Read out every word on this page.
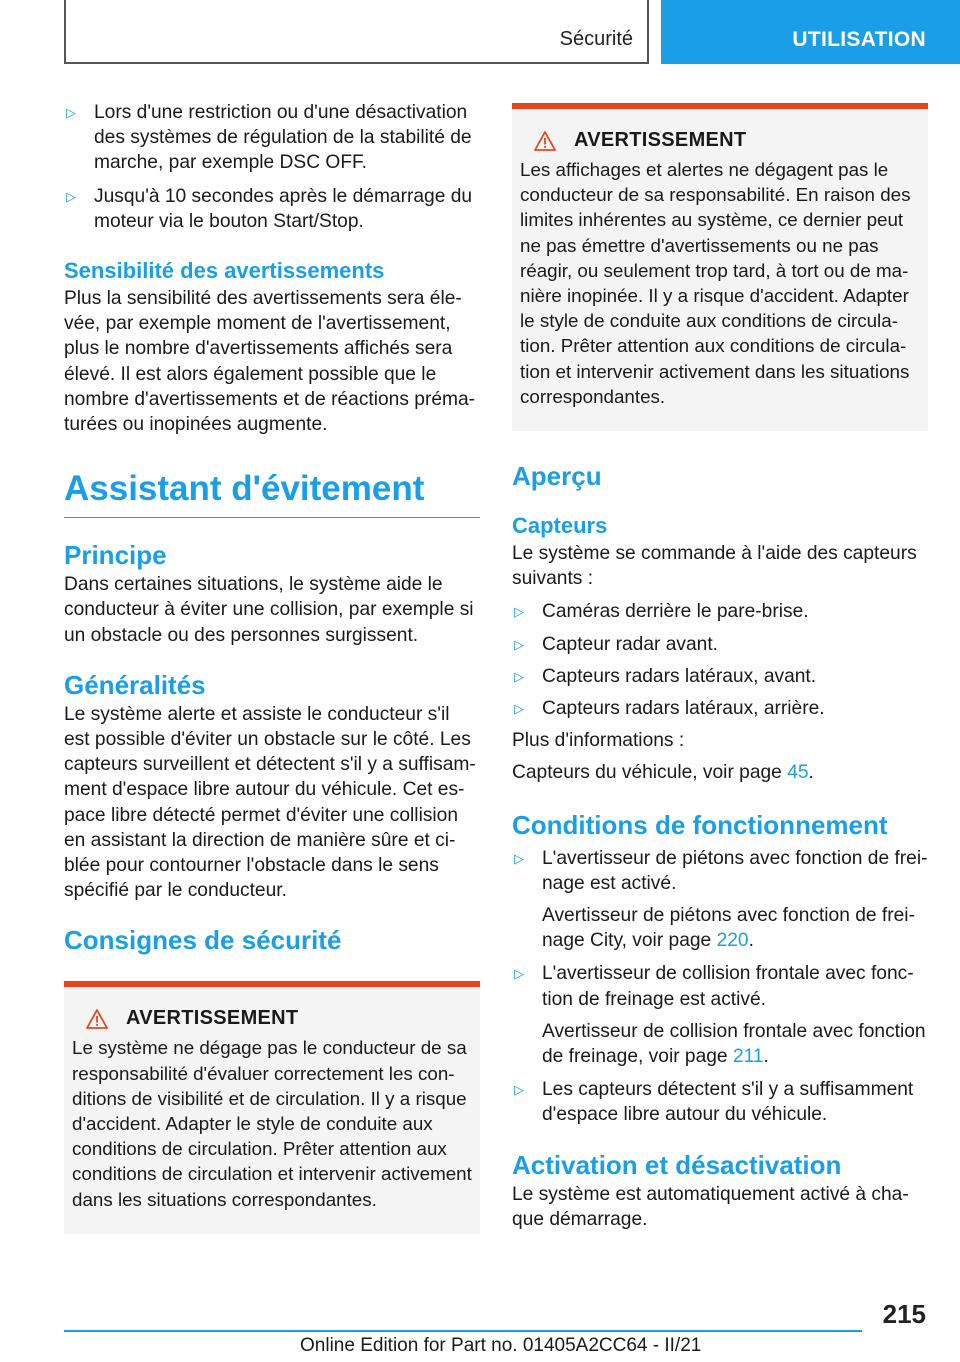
Sécurité	UTILISATION
▷ Lors d'une restriction ou d'une désactivation des systèmes de régulation de la stabilité de marche, par exemple DSC OFF.
▷ Jusqu'à 10 secondes après le démarrage du moteur via le bouton Start/Stop.
Sensibilité des avertissements
Plus la sensibilité des avertissements sera élevée, par exemple moment de l'avertissement, plus le nombre d'avertissements affichés sera élevé. Il est alors également possible que le nombre d'avertissements et de réactions prématurées ou inopinées augmente.
Assistant d'évitement
Principe
Dans certaines situations, le système aide le conducteur à éviter une collision, par exemple si un obstacle ou des personnes surgissent.
Généralités
Le système alerte et assiste le conducteur s'il est possible d'éviter un obstacle sur le côté. Les capteurs surveillent et détectent s'il y a suffisamment d'espace libre autour du véhicule. Cet espace libre détecté permet d'éviter une collision en assistant la direction de manière sûre et ciblée pour contourner l'obstacle dans le sens spécifié par le conducteur.
Consignes de sécurité
AVERTISSEMENT
Le système ne dégage pas le conducteur de sa responsabilité d'évaluer correctement les conditions de visibilité et de circulation. Il y a risque d'accident. Adapter le style de conduite aux conditions de circulation. Prêter attention aux conditions de circulation et intervenir activement dans les situations correspondantes.
AVERTISSEMENT
Les affichages et alertes ne dégagent pas le conducteur de sa responsabilité. En raison des limites inhérentes au système, ce dernier peut ne pas émettre d'avertissements ou ne pas réagir, ou seulement trop tard, à tort ou de manière inopinée. Il y a risque d'accident. Adapter le style de conduite aux conditions de circulation. Prêter attention aux conditions de circulation et intervenir activement dans les situations correspondantes.
Aperçu
Capteurs
Le système se commande à l'aide des capteurs suivants :
▷ Caméras derrière le pare-brise.
▷ Capteur radar avant.
▷ Capteurs radars latéraux, avant.
▷ Capteurs radars latéraux, arrière.
Plus d'informations :
Capteurs du véhicule, voir page 45.
Conditions de fonctionnement
▷ L'avertisseur de piétons avec fonction de freinage est activé.
Avertisseur de piétons avec fonction de freinage City, voir page 220.
▷ L'avertisseur de collision frontale avec fonction de freinage est activé.
Avertisseur de collision frontale avec fonction de freinage, voir page 211.
▷ Les capteurs détectent s'il y a suffisamment d'espace libre autour du véhicule.
Activation et désactivation
Le système est automatiquement activé à chaque démarrage.
215
Online Edition for Part no. 01405A2CC64 - II/21
